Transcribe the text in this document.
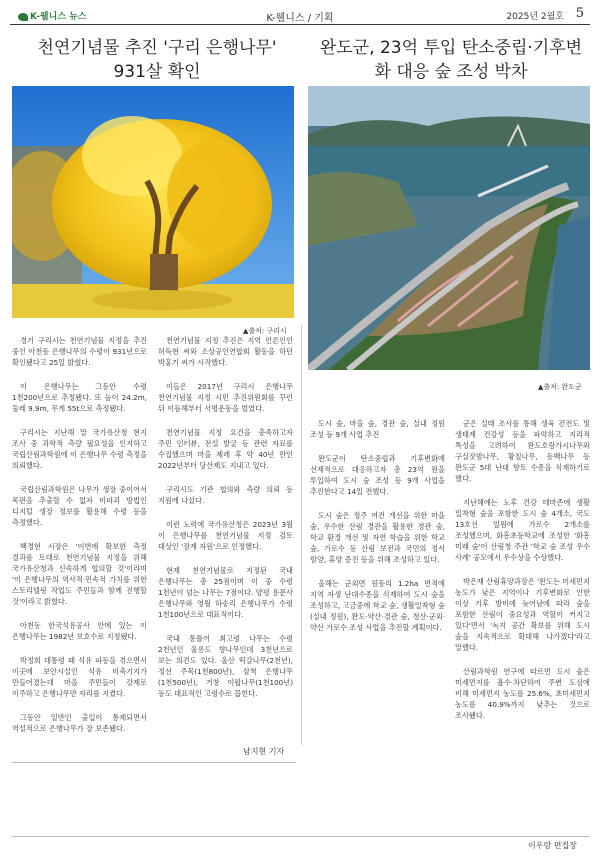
K-웰니스 뉴스	K-웰니스 / 기획	2025년 2월호 5
천연기념물 추진 '구리 은행나무'
931살 확인
완도군, 23억 투입 탄소중립·기후변
화 대응 숲 조성 박차
▲출처: 구리시
▲출처: 완도군

경기 구리시는 천연기념물 지정을 추진 중인 아천동 은행나무의 수령이 931년으로 확인됐다고 25일 밝혔다.

이 은행나무는 그동안 수령 1천200년으로 추정됐다. 또 높이 24.2m, 둘레 9.9m, 무게 55t으로 측정됐다.

구리시는 지난해 말 국가유산청 현지 조사 중 과학적 측량 필요성을 인지하고 국립산림과학원에 이 은행나무 수령 측정을 의뢰했다.

국립산림과학원은 나무가 생장 중이어서 목편을 추출할 수 없자 비파괴 방법인 디지털 생장 정보를 활용해 수령 등을 측정했다.

백경현 시장은 '이번에 확보한 측정 결과를 토대로 천연기념물 지정을 위해 국가유산청과 신속하게 협의할 것'이라며 '이 은행나무의 역사적·민속적 가치를 위한 스토리텔링 작업도 주민들과 함께 진행할 것'이라고 밝혔다.

아천동 한국석유공사 안에 있는 이 은행나무는 1982년 보호수로 지정됐다.

박정희 대통령 때 석유 파동을 겪으면서 이곳에 보안시설인 석유 비축기지가 만들어졌는데 마을 주민들이 강제로 이주하고 은행나무만 자리를 지켰다.

그동안 일반인 출입이 통제되면서 역설적으로 은행나무가 잘 보존됐다.

천연기념물 지정 추진은 지역 언론인인 허득현 씨와 소상공인연합회 활동을 하던 박홍기 씨가 시작했다.

이들은 2017년 구리시 은행나무 천연기념물 지정 시민 추진위원회를 꾸린 뒤 이듬해부터 서명운동을 벌였다.

천연기념물 지정 요건을 충족하고자 주민 인터뷰, 전설 발굴 등 관련 자료를 수집했으며 마을 제례 후 약 40년 만인 2022년부터 당산제도 지내고 있다.

구리시도 기관 협의와 측량 의뢰 등 지원에 나섰다.

이런 노력에 국가유산청은 2023년 3월 이 은행나무를 천연기념물 지정 검토 대상인 '잠재 자원'으로 인정했다.

현재 천연기념물로 지정된 국내 은행나무는 총 25점이며 이 중 수령 1천년이 넘는 나무는 7점이다. 양평 용문사 은행나무와 영월 하송리 은행나무가 수령 1천100년으로 대표적이다.

국내 통틀어 최고령 나무는 수령 2천년인 울릉도 향나무인데 3천년으로 보는 의견도 있다. 울산 떡갈나무(2천년), 정선 주목(1천800년), 삼척 은행나무(1천500년), 거창 이팝나무(1천100년) 등도 대표적인 고령수로 꼽힌다.

남지현 기자

도시 숲, 마을 숲, 경관 숲, 실내 정원 조성 등 9개 사업 추진

완도군이 탄소중립과 기후변화에 선제적으로 대응하고자 총 23억 원을 투입하여 도시 숲 조성 등 9개 사업을 추진한다고 14일 전했다.

도시 숲은 정주 여건 개선을 위한 마을 숲, 우수한 산림 경관을 활용한 경관 숲, 학교 환경 개선 및 자연 학습을 위한 학교 숲, 가로수 등 산림 보전과 국민의 정서 함양, 휴양 증진 등을 위해 조성하고 있다.

올해는 군외면 원동리 1.2ha 면적에 지역 자생 난대수종을 식재하여 도시 숲을 조성하고, 고금중에 학교 숲, 생활밀착형 숲(실내 정원), 완도·약산·경관 숲, 청산·군외·약산 가로수 조성 사업을 추진할 계획이다.

군은 실태 조사를 통해 생육 건전도 및 생태계 건강성 등을 파악하고 지리적 특성을 고려하여 완도호랑가시나무와 구실잣밤나무, 황칠나무, 동백나무 등 완도군 5대 난대 향토 수종을 식재하기로 했다.

지난해에는 노후 건강 테마존에 생활 밀착형 숲을 포함한 도시 숲 4개소, 국도 13호선 일원에 가로수 2개소를 조성했으며, 화흥초등학교에 조성한 '화흥 미래 숲'이 산림청 주관 '학교 숲 조성 우수 사례' 공모에서 우수상을 수상했다.

박은재 산림휴양과장은 '완도는 미세먼지 농도가 낮은 지역이나 기후변화로 인한 이상 기후 방비에 늦어남에 따라 숲을 포함한 산림이 중요성과 역할이 커지고 있다'면서 '녹지 공간 확보를 위해 도시 숲을 지속적으로 확대해 나가겠다'라고 말했다.

산림과학원 연구에 따르면 도시 숲은 미세먼지를 흡수·차단하여 주변 도심에 비해 미세먼지 농도를 25.6%, 초미세먼지 농도를 40.9%까지 낮추는 것으로 조사됐다.

이우람 편집장
